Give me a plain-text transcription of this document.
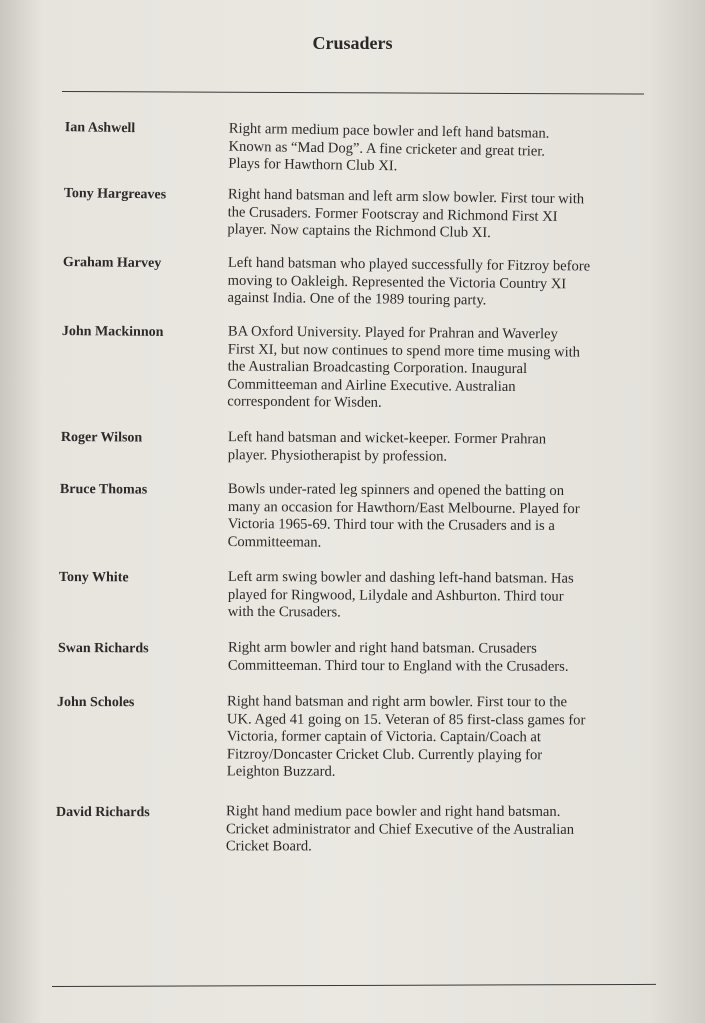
Crusaders
Ian Ashwell	Right arm medium pace bowler and left hand batsman.
Known as “Mad Dog”. A fine cricketer and great trier.
Plays for Hawthorn Club XI.
Tony Hargreaves	Right hand batsman and left arm slow bowler. First tour with
the Crusaders. Former Footscray and Richmond First XI
player. Now captains the Richmond Club XI.
Graham Harvey	Left hand batsman who played successfully for Fitzroy before
moving to Oakleigh. Represented the Victoria Country XI
against India. One of the 1989 touring party.
John Mackinnon	BA Oxford University. Played for Prahran and Waverley
First XI, but now continues to spend more time musing with
the Australian Broadcasting Corporation. Inaugural
Committeeman and Airline Executive. Australian
correspondent for Wisden.
Roger Wilson	Left hand batsman and wicket-keeper. Former Prahran
player. Physiotherapist by profession.
Bruce Thomas	Bowls under-rated leg spinners and opened the batting on
many an occasion for Hawthorn/East Melbourne. Played for
Victoria 1965-69. Third tour with the Crusaders and is a
Committeeman.
Tony White	Left arm swing bowler and dashing left-hand batsman. Has
played for Ringwood, Lilydale and Ashburton. Third tour
with the Crusaders.
Swan Richards	Right arm bowler and right hand batsman. Crusaders
Committeeman. Third tour to England with the Crusaders.
John Scholes	Right hand batsman and right arm bowler. First tour to the
UK. Aged 41 going on 15. Veteran of 85 first-class games for
Victoria, former captain of Victoria. Captain/Coach at
Fitzroy/Doncaster Cricket Club. Currently playing for
Leighton Buzzard.
David Richards	Right hand medium pace bowler and right hand batsman.
Cricket administrator and Chief Executive of the Australian
Cricket Board.
